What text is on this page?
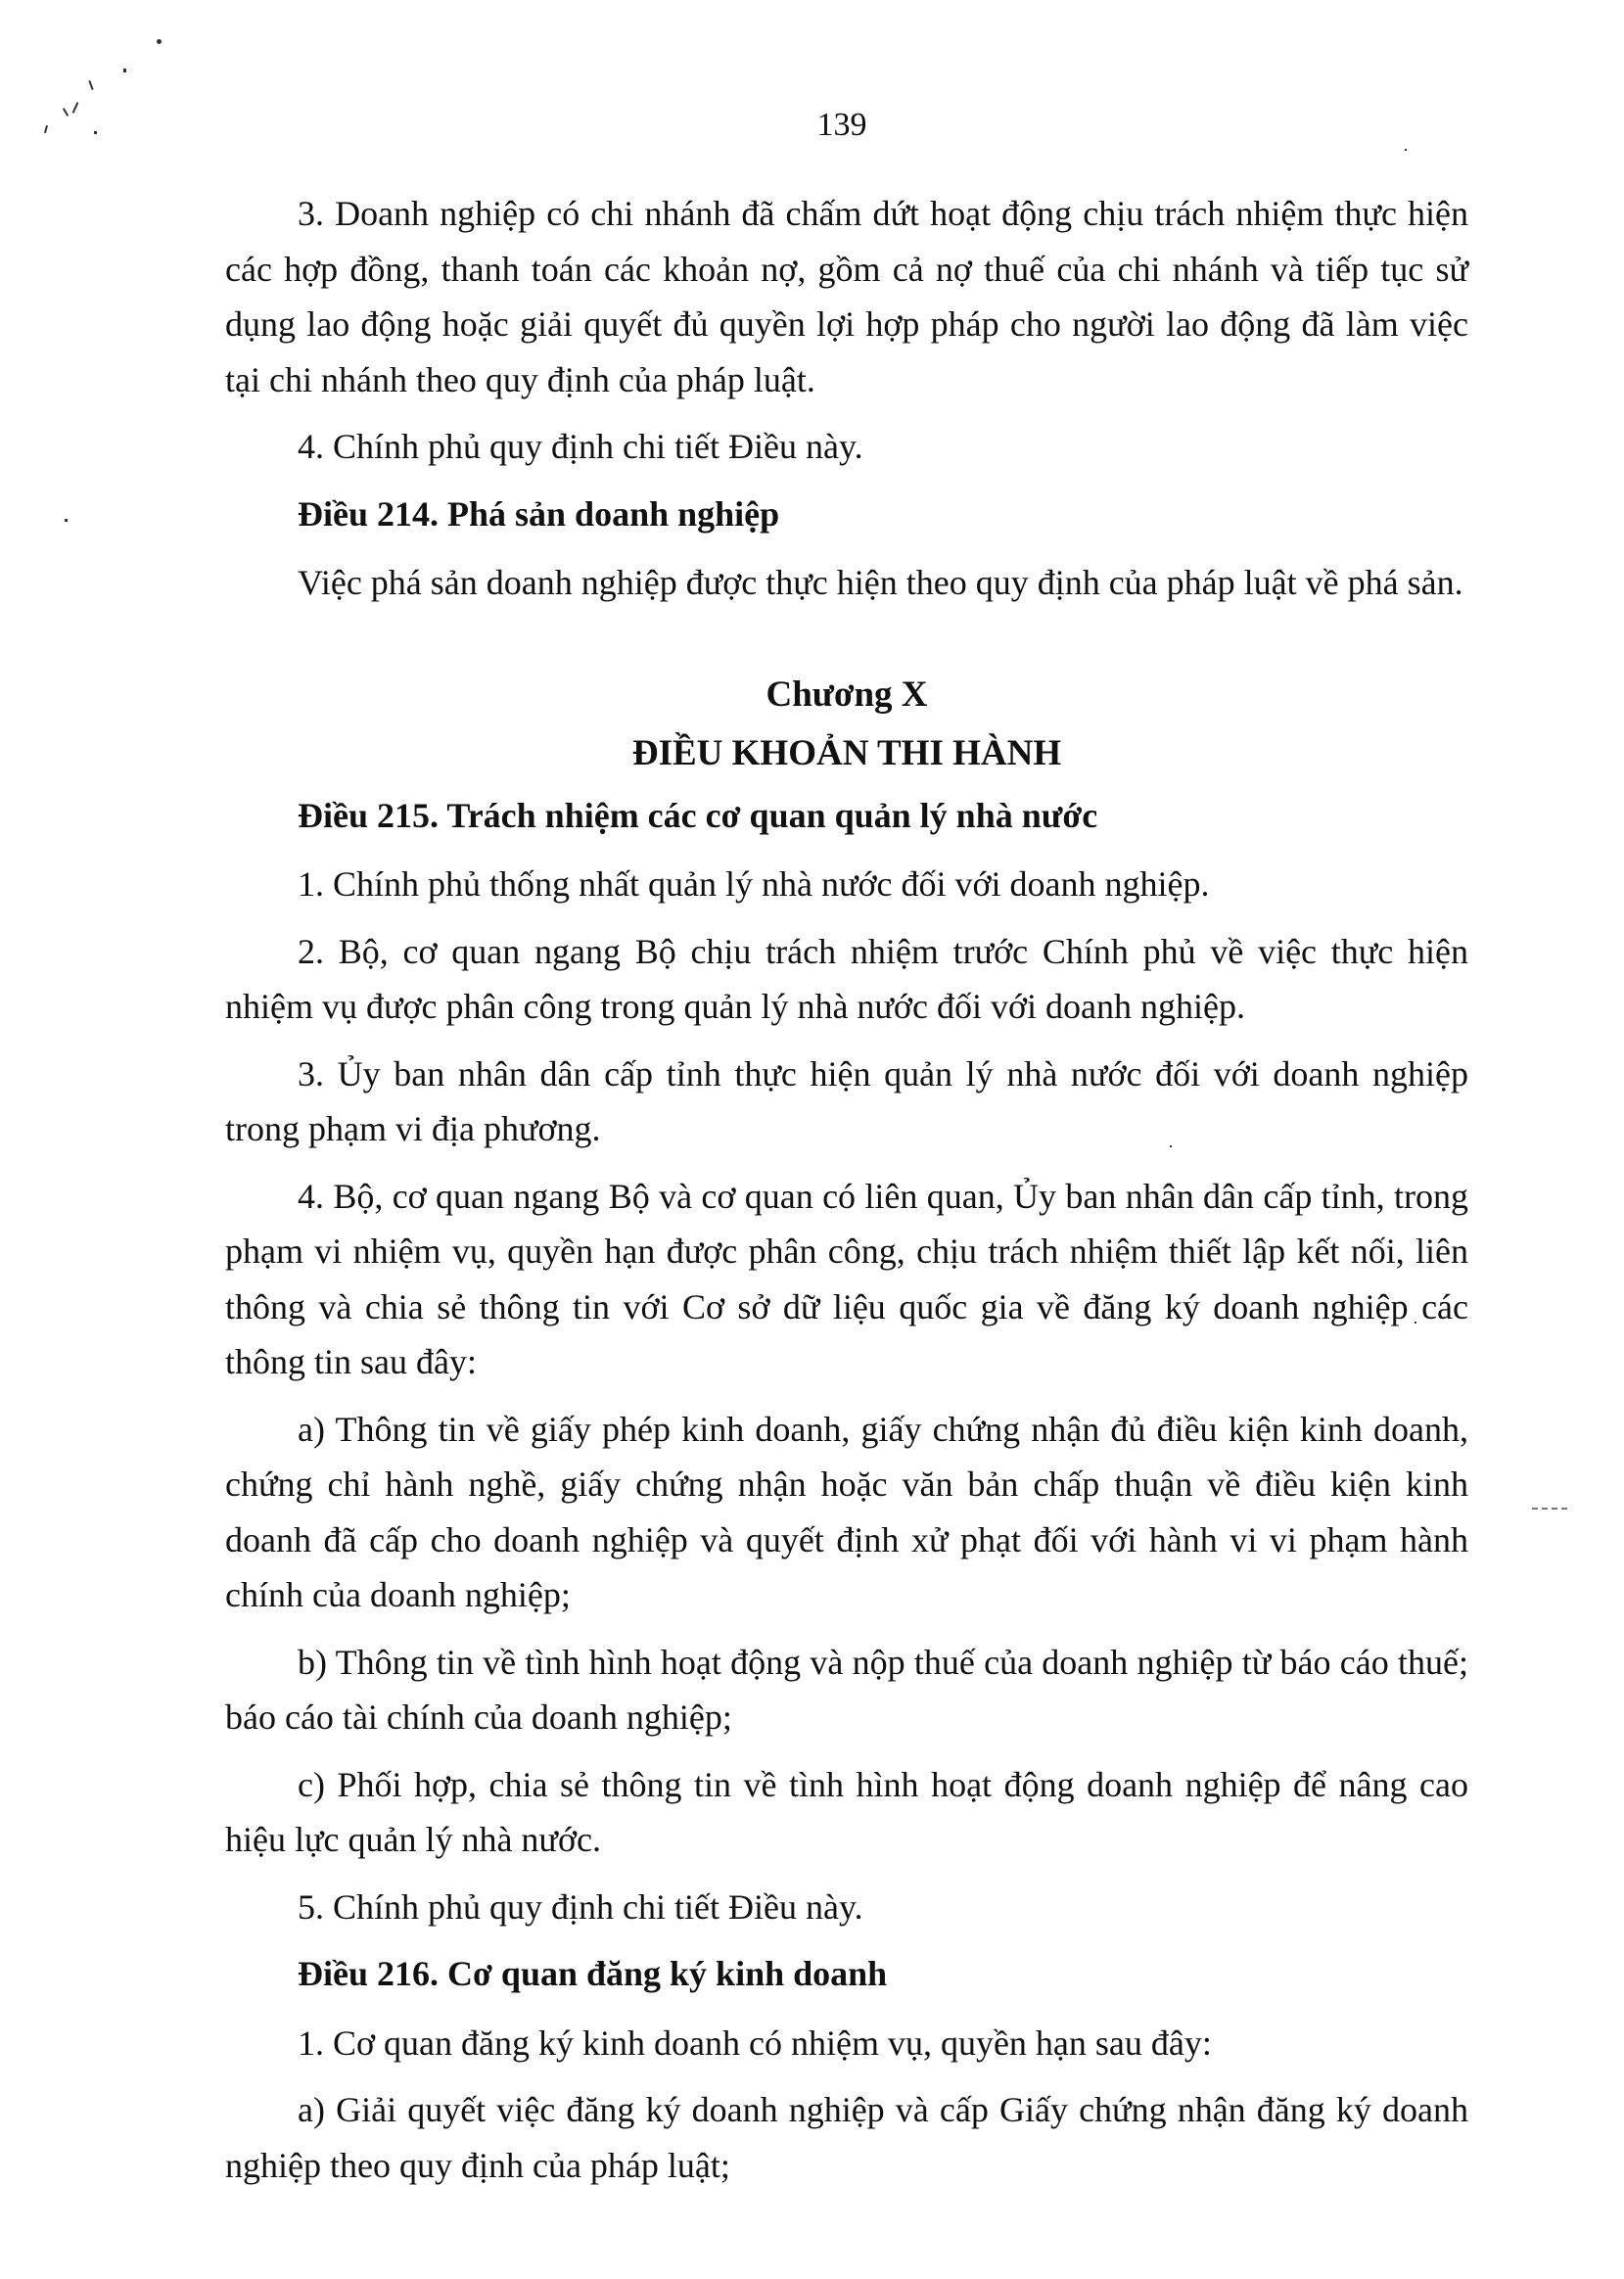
139

3. Doanh nghiệp có chi nhánh đã chấm dứt hoạt động chịu trách nhiệm thực hiện các hợp đồng, thanh toán các khoản nợ, gồm cả nợ thuế của chi nhánh và tiếp tục sử dụng lao động hoặc giải quyết đủ quyền lợi hợp pháp cho người lao động đã làm việc tại chi nhánh theo quy định của pháp luật.

4. Chính phủ quy định chi tiết Điều này.

Điều 214. Phá sản doanh nghiệp

Việc phá sản doanh nghiệp được thực hiện theo quy định của pháp luật về phá sản.

Chương X

ĐIỀU KHOẢN THI HÀNH

Điều 215. Trách nhiệm các cơ quan quản lý nhà nước

1. Chính phủ thống nhất quản lý nhà nước đối với doanh nghiệp.

2. Bộ, cơ quan ngang Bộ chịu trách nhiệm trước Chính phủ về việc thực hiện nhiệm vụ được phân công trong quản lý nhà nước đối với doanh nghiệp.

3. Ủy ban nhân dân cấp tỉnh thực hiện quản lý nhà nước đối với doanh nghiệp trong phạm vi địa phương.

4. Bộ, cơ quan ngang Bộ và cơ quan có liên quan, Ủy ban nhân dân cấp tỉnh, trong phạm vi nhiệm vụ, quyền hạn được phân công, chịu trách nhiệm thiết lập kết nối, liên thông và chia sẻ thông tin với Cơ sở dữ liệu quốc gia về đăng ký doanh nghiệp các thông tin sau đây:

a) Thông tin về giấy phép kinh doanh, giấy chứng nhận đủ điều kiện kinh doanh, chứng chỉ hành nghề, giấy chứng nhận hoặc văn bản chấp thuận về điều kiện kinh doanh đã cấp cho doanh nghiệp và quyết định xử phạt đối với hành vi vi phạm hành chính của doanh nghiệp;

b) Thông tin về tình hình hoạt động và nộp thuế của doanh nghiệp từ báo cáo thuế; báo cáo tài chính của doanh nghiệp;

c) Phối hợp, chia sẻ thông tin về tình hình hoạt động doanh nghiệp để nâng cao hiệu lực quản lý nhà nước.

5. Chính phủ quy định chi tiết Điều này.

Điều 216. Cơ quan đăng ký kinh doanh

1. Cơ quan đăng ký kinh doanh có nhiệm vụ, quyền hạn sau đây:

a) Giải quyết việc đăng ký doanh nghiệp và cấp Giấy chứng nhận đăng ký doanh nghiệp theo quy định của pháp luật;
